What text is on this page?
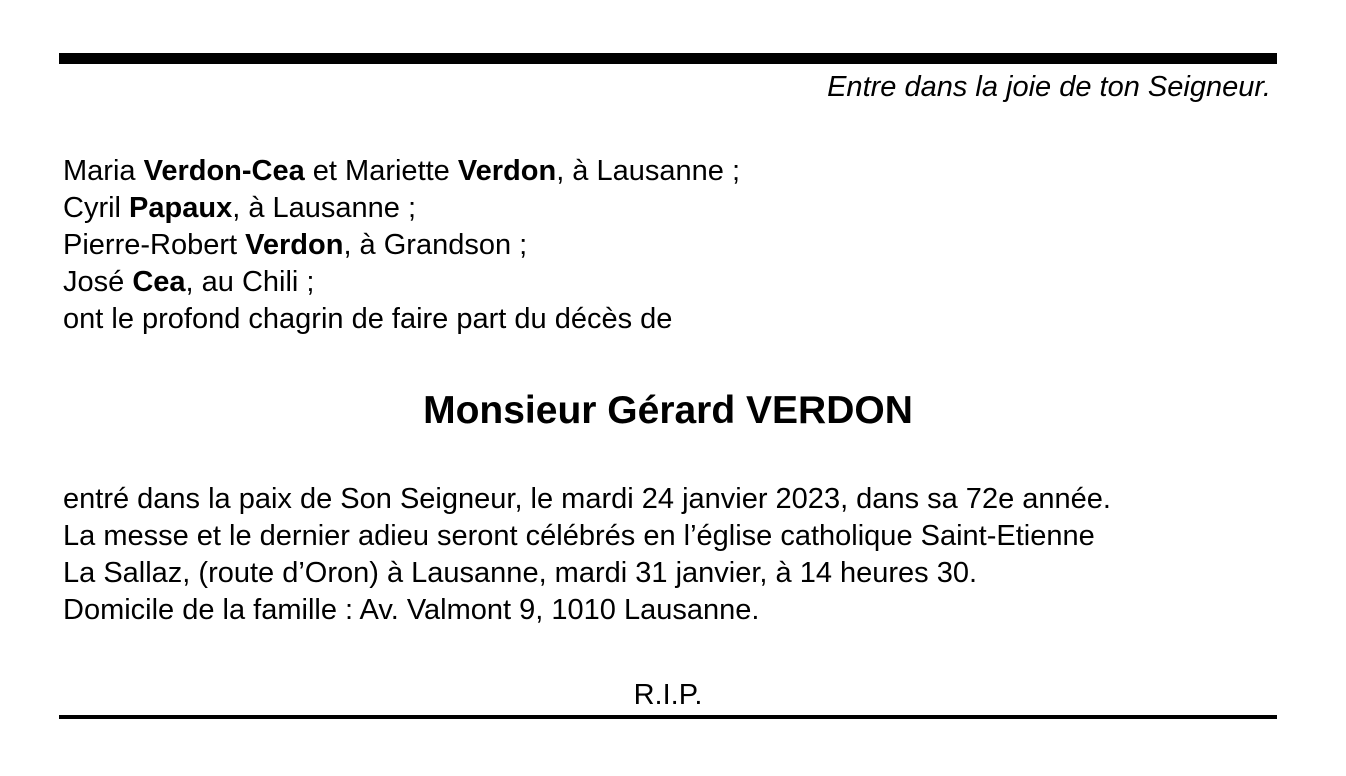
Entre dans la joie de ton Seigneur.
Maria Verdon-Cea et Mariette Verdon, à Lausanne ;
Cyril Papaux, à Lausanne ;
Pierre-Robert Verdon, à Grandson ;
José Cea, au Chili ;
ont le profond chagrin de faire part du décès de
Monsieur Gérard VERDON
entré dans la paix de Son Seigneur, le mardi 24 janvier 2023, dans sa 72e année.
La messe et le dernier adieu seront célébrés en l’église catholique Saint-Etienne
La Sallaz, (route d’Oron) à Lausanne, mardi 31 janvier, à 14 heures 30.
Domicile de la famille : Av. Valmont 9, 1010 Lausanne.
R.I.P.
